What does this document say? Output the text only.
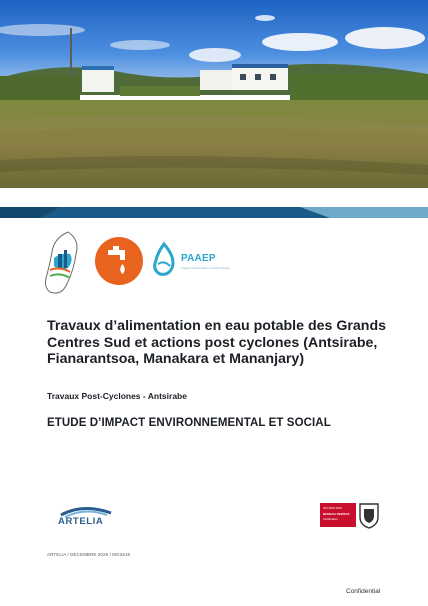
PAAEP
Projet d'Alimentation en Eau Potable
Travaux d’alimentation en eau potable des Grands Centres Sud et actions post cyclones (Antsirabe, Fianarantsoa, Manakara et Mananjary)
Travaux Post-Cyclones - Antsirabe
ETUDE D’IMPACT ENVIRONNEMENTAL ET SOCIAL
ARTELIA
ISO 9001:2015
BUREAU VERITAS
Certification
ARTELIA / DECEMBRE 2025 / MG2518
Confidential
